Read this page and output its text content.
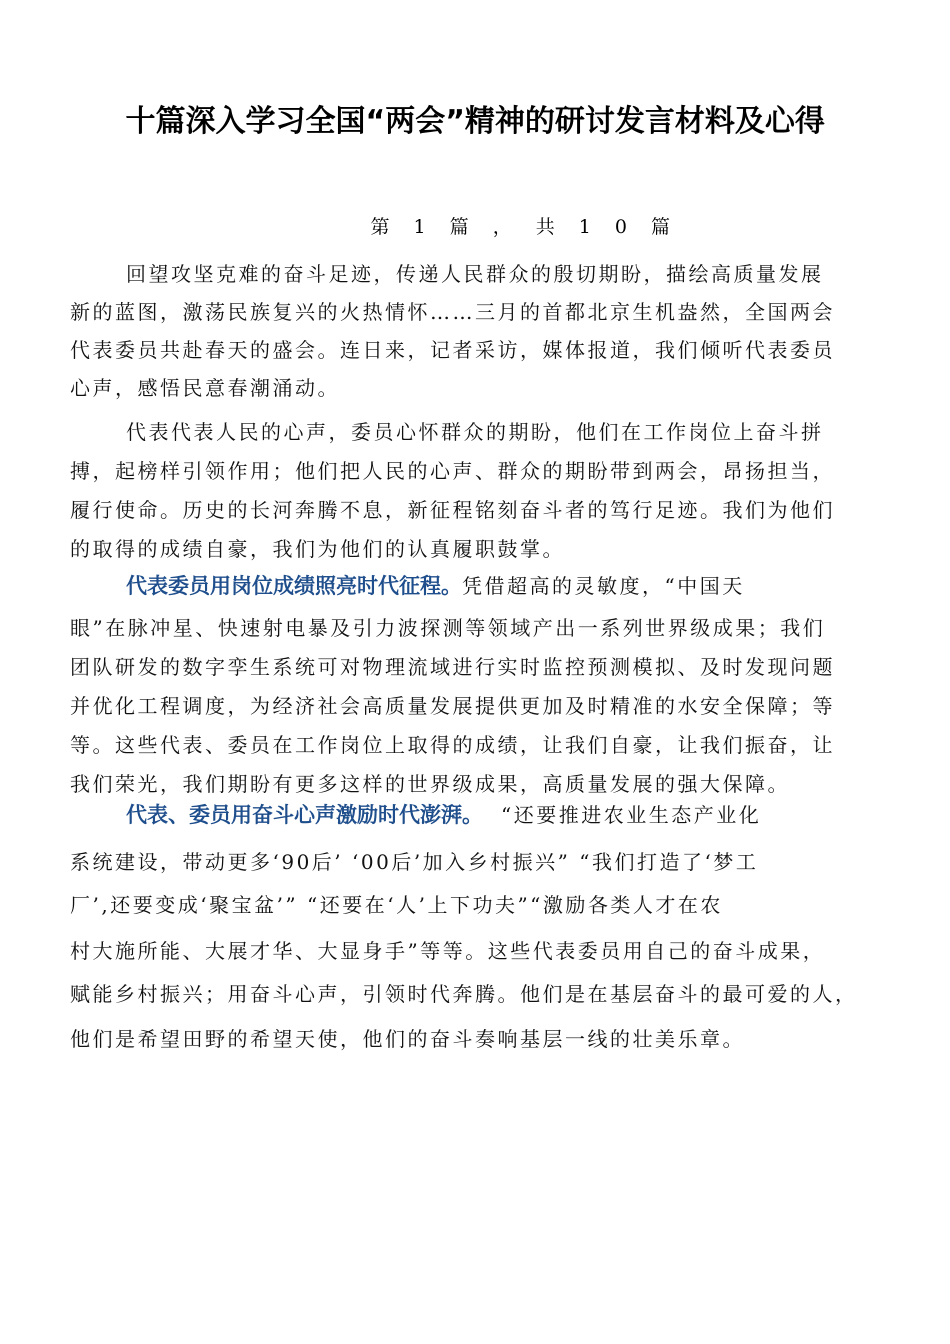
十篇深入学习全国“两会”精神的研讨发言材料及心得
第 1 篇 ， 共 1 0 篇
回望攻坚克难的奋斗足迹，传递人民群众的殷切期盼，描绘高质量发展
新的蓝图，激荡民族复兴的火热情怀……三月的首都北京生机盎然，全国两会
代表委员共赴春天的盛会。连日来，记者采访，媒体报道，我们倾听代表委员
心声，感悟民意春潮涌动。
代表代表人民的心声，委员心怀群众的期盼，他们在工作岗位上奋斗拼
搏，起榜样引领作用；他们把人民的心声、群众的期盼带到两会，昂扬担当，
履行使命。历史的长河奔腾不息，新征程铭刻奋斗者的笃行足迹。我们为他们
的取得的成绩自豪，我们为他们的认真履职鼓掌。
代表委员用岗位成绩照亮时代征程。凭借超高的灵敏度，“中国天
眼”在脉冲星、快速射电暴及引力波探测等领域产出一系列世界级成果；我们
团队研发的数字孪生系统可对物理流域进行实时监控预测模拟、及时发现问题
并优化工程调度，为经济社会高质量发展提供更加及时精准的水安全保障；等
等。这些代表、委员在工作岗位上取得的成绩，让我们自豪，让我们振奋，让
我们荣光，我们期盼有更多这样的世界级成果，高质量发展的强大保障。
代表、委员用奋斗心声激励时代澎湃。 “还要推进农业生态产业化
系统建设，带动更多‘90后’ ‘00后’加入乡村振兴” “我们打造了‘梦工
厂’,还要变成‘聚宝盆’” “还要在‘人’上下功夫”“激励各类人才在农
村大施所能、大展才华、大显身手”等等。这些代表委员用自己的奋斗成果，
赋能乡村振兴；用奋斗心声，引领时代奔腾。他们是在基层奋斗的最可爱的人，
他们是希望田野的希望天使，他们的奋斗奏响基层一线的壮美乐章。
